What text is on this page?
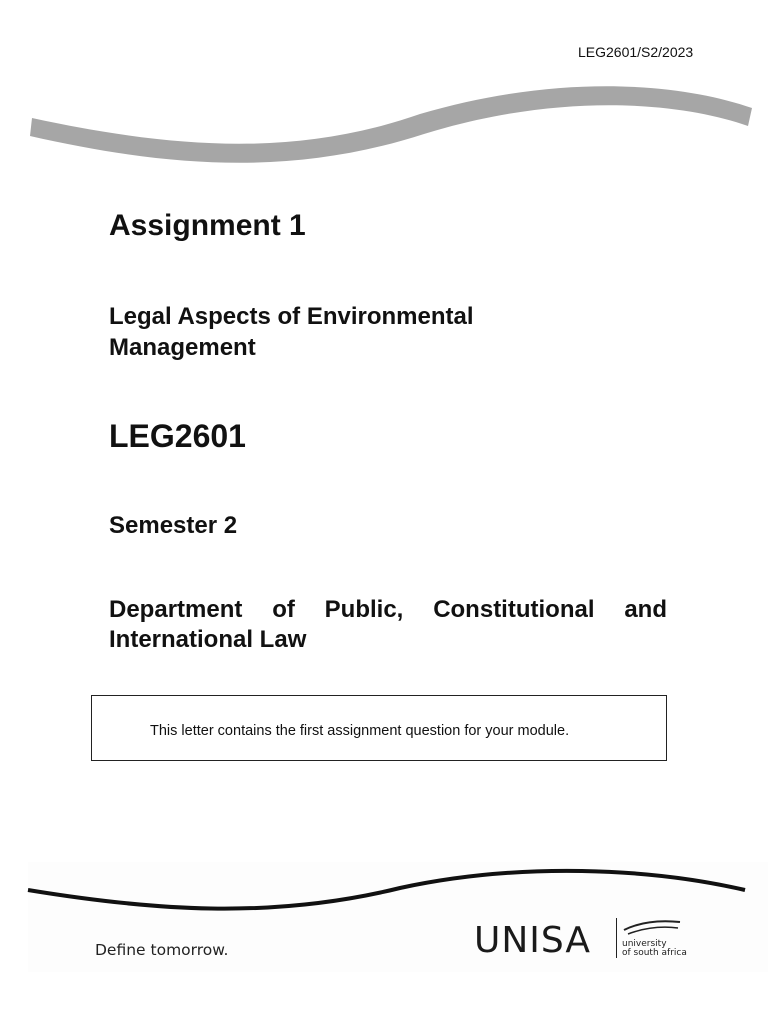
LEG2601/S2/2023
Assignment 1
Legal Aspects of Environmental
Management
LEG2601
Semester 2
Department of Public, Constitutional and
International Law
This letter contains the first assignment question for your module.
Define tomorrow.	UNISA	university
of south africa
